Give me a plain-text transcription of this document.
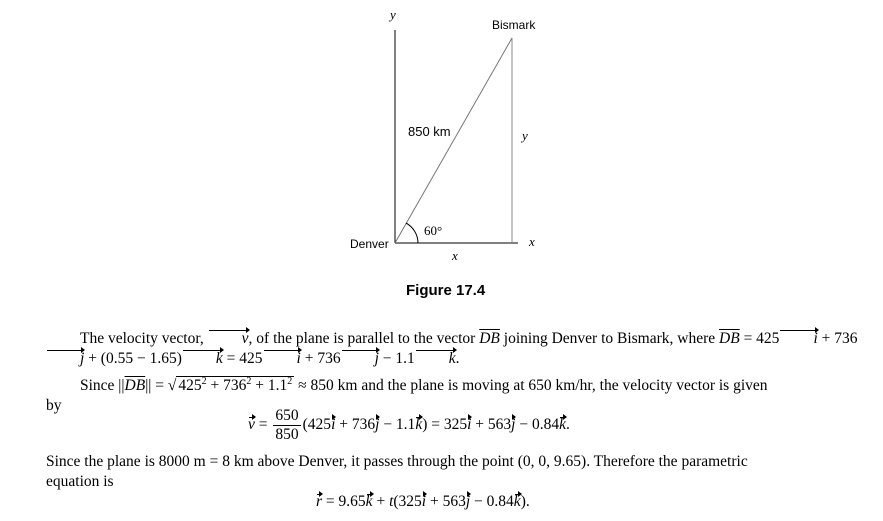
y
Bismark
850 km	y
60°
Denver	x
x
Figure 17.4
The velocity vector, v, of the plane is parallel to the vector $\overline{DB}$ joining Denver to Bismark, where $\overline{DB} = 425$ i + 736j + (0.55 − 1.65) k = 425 i + 736 j − 1.1 k.
Since $||\overline{DB}||$ = √ $425^2 + 736^2 + 1.1^2 \approx 850$ km and the plane is moving at 650 km/hr, the velocity vector is given
by
$v = \frac{650}{850} (425i + 736j - 1.1k) = 325i + 563j - 0.84k$.
Since the plane is 8000 m = 8 km above Denver, it passes through the point (0, 0, 9.65). Therefore the parametric
equation is
r = 9.65k + t(325i + 563j − 0.84k).
